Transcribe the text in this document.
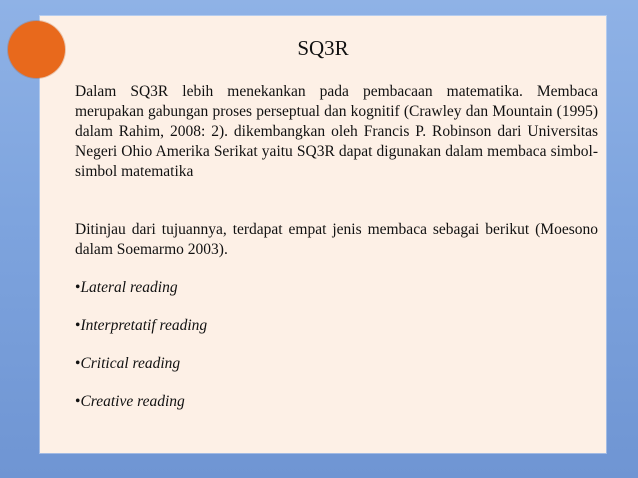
SQ3R

Dalam SQ3R lebih menekankan pada pembacaan matematika. Membaca merupakan gabungan proses perseptual dan kognitif (Crawley dan Mountain (1995) dalam Rahim, 2008: 2). dikembangkan oleh Francis P. Robinson dari Universitas Negeri Ohio Amerika Serikat yaitu SQ3R dapat digunakan dalam membaca simbol-simbol matematika

Ditinjau dari tujuannya, terdapat empat jenis membaca sebagai berikut (Moesono dalam Soemarmo 2003).

•Lateral reading
•Interpretatif reading
•Critical reading
•Creative reading
